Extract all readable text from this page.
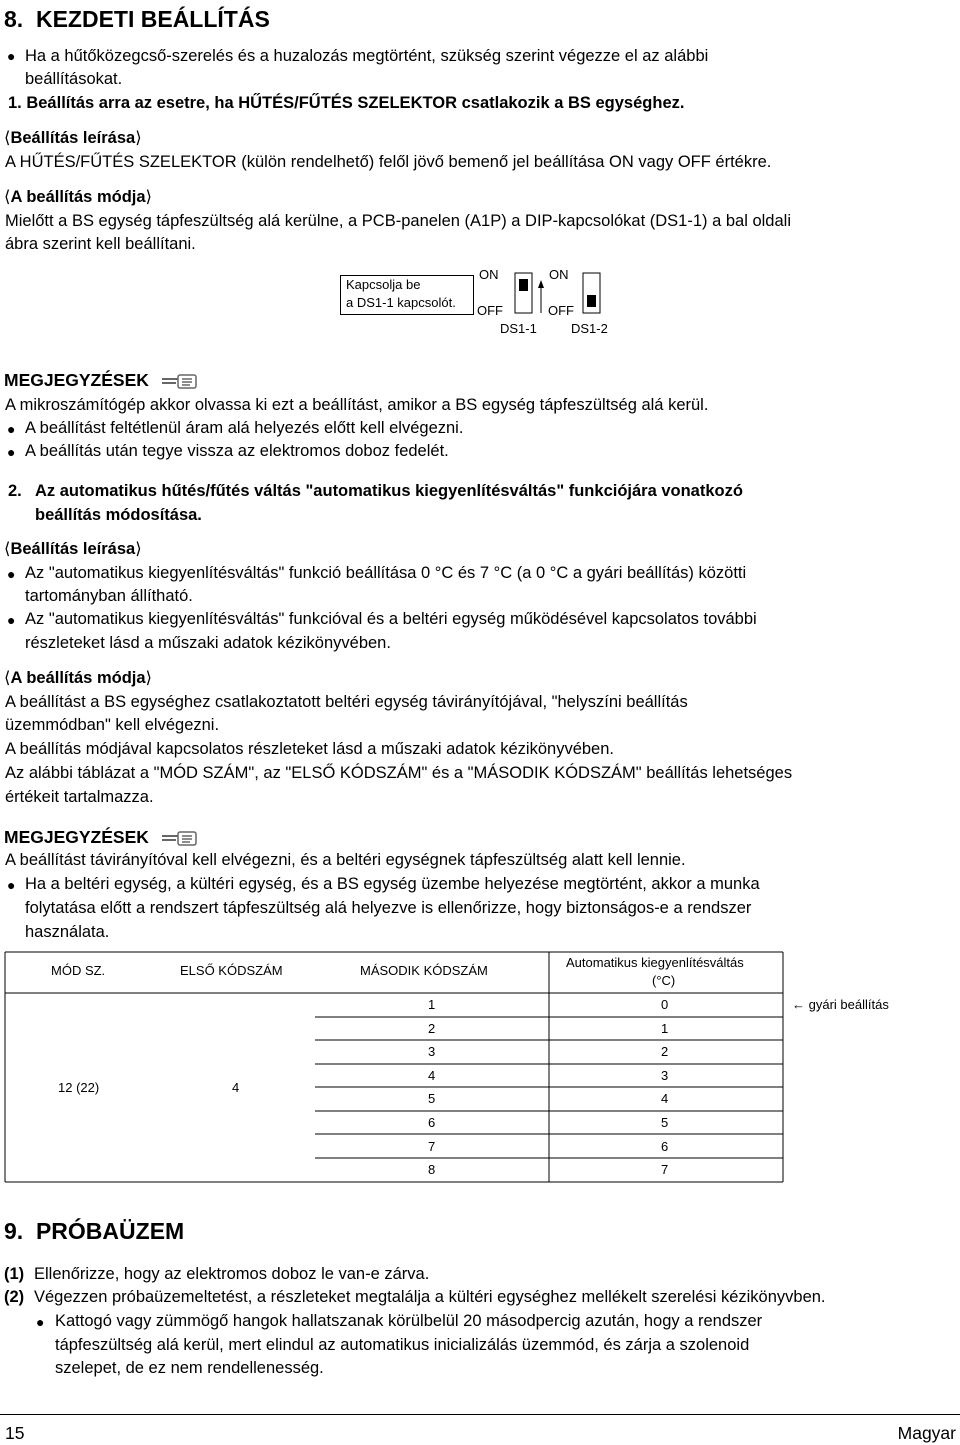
8. KEZDETI BEÁLLÍTÁS
● Ha a hűtőközegcső-szerelés és a huzalozás megtörtént, szükség szerint végezze el az alábbi
beállításokat.
1. Beállítás arra az esetre, ha HŰTÉS/FŰTÉS SZELEKTOR csatlakozik a BS egységhez.
⟨Beállítás leírása⟩
A HŰTÉS/FŰTÉS SZELEKTOR (külön rendelhető) felől jövő bemenő jel beállítása ON vagy OFF értékre.
⟨A beállítás módja⟩
Mielőtt a BS egység tápfeszültség alá kerülne, a PCB-panelen (A1P) a DIP-kapcsolókat (DS1-1) a bal oldali
ábra szerint kell beállítani.
Kapcsolja be
a DS1-1 kapcsolót.
ON
OFF
DS1-1
ON
OFF
DS1-2
MEGJEGYZÉSEK
A mikroszámítógép akkor olvassa ki ezt a beállítást, amikor a BS egység tápfeszültség alá kerül.
● A beállítást feltétlenül áram alá helyezés előtt kell elvégezni.
● A beállítás után tegye vissza az elektromos doboz fedelét.
2. Az automatikus hűtés/fűtés váltás "automatikus kiegyenlítésváltás" funkciójára vonatkozó
beállítás módosítása.
⟨Beállítás leírása⟩
● Az "automatikus kiegyenlítésváltás" funkció beállítása 0 °C és 7 °C (a 0 °C a gyári beállítás) közötti
tartományban állítható.
● Az "automatikus kiegyenlítésváltás" funkcióval és a beltéri egység működésével kapcsolatos további
részleteket lásd a műszaki adatok kézikönyvében.
⟨A beállítás módja⟩
A beállítást a BS egységhez csatlakoztatott beltéri egység távirányítójával, "helyszíni beállítás
üzemmódban" kell elvégezni.
A beállítás módjával kapcsolatos részleteket lásd a műszaki adatok kézikönyvében.
Az alábbi táblázat a "MÓD SZÁM", az "ELSŐ KÓDSZÁM" és a "MÁSODIK KÓDSZÁM" beállítás lehetséges
értékeit tartalmazza.
MEGJEGYZÉSEK
A beállítást távirányítóval kell elvégezni, és a beltéri egységnek tápfeszültség alatt kell lennie.
● Ha a beltéri egység, a kültéri egység, és a BS egység üzembe helyezése megtörtént, akkor a munka
folytatása előtt a rendszert tápfeszültség alá helyezve is ellenőrizze, hogy biztonságos-e a rendszer
használata.
MÓD SZ.	ELSŐ KÓDSZÁM	MÁSODIK KÓDSZÁM
Automatikus kiegyenlítésváltás
(°C)
12 (22)	4
1	0
2	1
3	2
4	3
5	4
6	5
7	6
8	7
← gyári beállítás
9. PRÓBAÜZEM
(1) Ellenőrizze, hogy az elektromos doboz le van-e zárva.
(2) Végezzen próbaüzemeltetést, a részleteket megtalálja a kültéri egységhez mellékelt szerelési kézikönyvben.
● Kattogó vagy zümmögő hangok hallatszanak körülbelül 20 másodpercig azután, hogy a rendszer
tápfeszültség alá kerül, mert elindul az automatikus inicializálás üzemmód, és zárja a szolenoid
szelepet, de ez nem rendellenesség.
15	Magyar
